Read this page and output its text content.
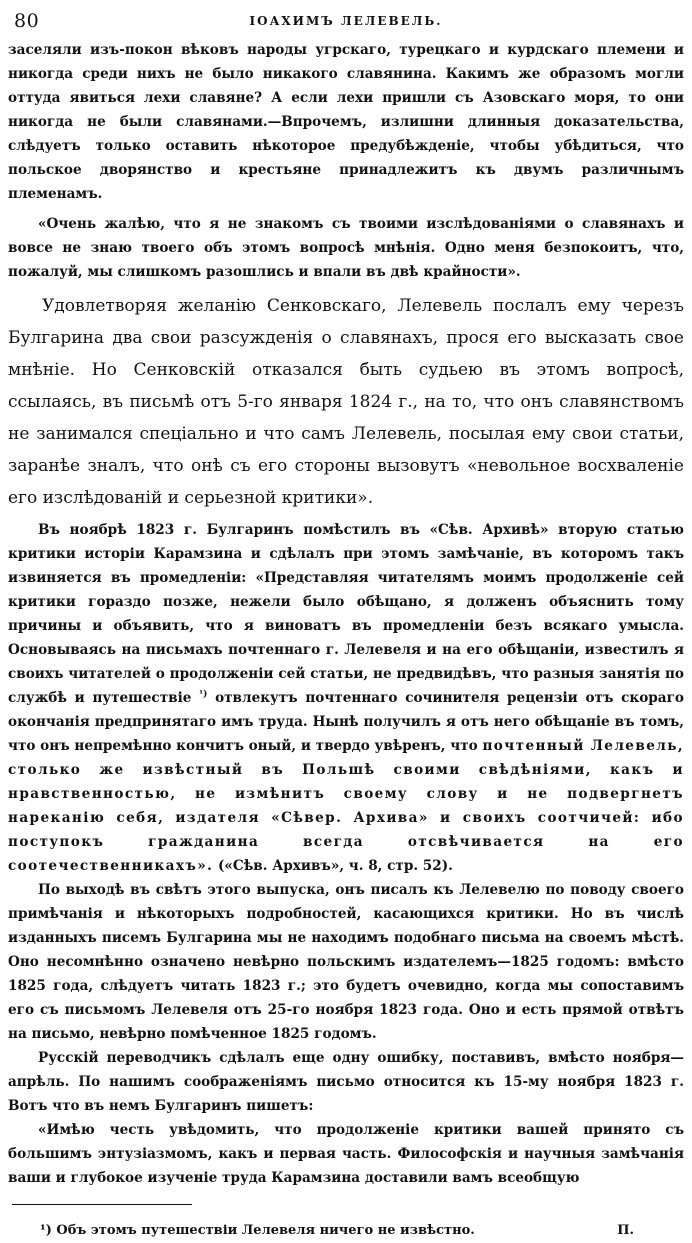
80	ІОАХИМЪ ЛЕЛЕВЕЛЬ.

заселяли изъ-покон вѣковъ народы угрскаго, турецкаго и курдскаго племени и никогда среди нихъ не было никакого славянина. Какимъ же образомъ могли оттуда явиться лехи славяне? А если лехи пришли съ Азовскаго моря, то они никогда не были славянами.—Впрочемъ, излишни длинныя доказательства, слѣдуетъ только оставить нѣкоторое предубѣжденіе, чтобы убѣдиться, что польское дворянство и крестьяне принадлежитъ къ двумъ различнымъ племенамъ.

«Очень жалѣю, что я не знакомъ съ твоими изслѣдованіями о славянахъ и вовсе не знаю твоего объ этомъ вопросѣ мнѣнія. Одно меня безпокоитъ, что, пожалуй, мы слишкомъ разошлись и впали въ двѣ крайности».

Удовлетворяя желанію Сенковскаго, Лелевель послалъ ему черезъ Булгарина два свои разсужденія о славянахъ, прося его высказать свое мнѣніе. Но Сенковскій отказался быть судьею въ этомъ вопросѣ, ссылаясь, въ письмѣ отъ 5-го января 1824 г., на то, что онъ славянствомъ не занимался спеціально и что самъ Лелевель, посылая ему свои статьи, заранѣе зналъ, что онѣ съ его стороны вызовутъ «невольное восхваленіе его изслѣдованій и серьезной критики».

Въ ноябрѣ 1823 г. Булгаринъ помѣстилъ въ «Сѣв. Архивѣ» вторую статью критики исторіи Карамзина и сдѣлалъ при этомъ замѣчаніе, въ которомъ такъ извиняется въ промедленіи: «Представляя читателямъ моимъ продолженіе сей критики гораздо позже, нежели было обѣщано, я долженъ объяснить тому причины и объявить, что я виноватъ въ промедленіи безъ всякаго умысла. Основываясь на письмахъ почтеннаго г. Лелевеля и на его обѣщаніи, известилъ я своихъ читателей о продолженіи сей статьи, не предвидѣвъ, что разныя занятія по службѣ и путешествіе $^{^1)}$ отвлекутъ почтеннаго сочинителя рецензіи отъ скораго окончанія предпринятаго имъ труда. Нынѣ получилъ я отъ него обѣщаніе въ томъ, что онъ непремѣнно кончитъ оный, и твердо увѣренъ, что почтенный Лелевель, столько же извѣстный въ Польшѣ своими свѣдѣніями, какъ и нравственностью, не измѣнитъ своему слову и не подвергнетъ нареканію себя, издателя «Сѣвер. Архива» и своихъ соотчичей: ибо поступокъ гражданина всегда отсвѣчивается на его соотечественникахъ». («Сѣв. Архивъ», ч. 8, стр. 52).

По выходѣ въ свѣтъ этого выпуска, онъ писалъ къ Лелевелю по поводу своего примѣчанія и нѣкоторыхъ подробностей, касающихся критики. Но въ числѣ изданныхъ писемъ Булгарина мы не находимъ подобнаго письма на своемъ мѣстѣ. Оно несомнѣнно означено невѣрно польскимъ издателемъ—1825 годомъ: вмѣсто 1825 года, слѣдуетъ читать 1823 г.; это будетъ очевидно, когда мы сопоставимъ его съ письмомъ Лелевеля отъ 25-го ноября 1823 года. Оно и есть прямой отвѣтъ на письмо, невѣрно помѣченное 1825 годомъ.

Русскій переводчикъ сдѣлалъ еще одну ошибку, поставивъ, вмѣсто ноября—апрѣль. По нашимъ соображеніямъ письмо относится къ 15-му ноября 1823 г. Вотъ что въ немъ Булгаринъ пишетъ:

«Имѣю честь увѣдомить, что продолженіе критики вашей принято съ большимъ энтузіазмомъ, какъ и первая часть. Философскія и научныя замѣчанія ваши и глубокое изученіе труда Карамзина доставили вамъ всеобщую

¹) Объ этомъ путешествіи Лелевеля ничего не извѣстно.	П.
